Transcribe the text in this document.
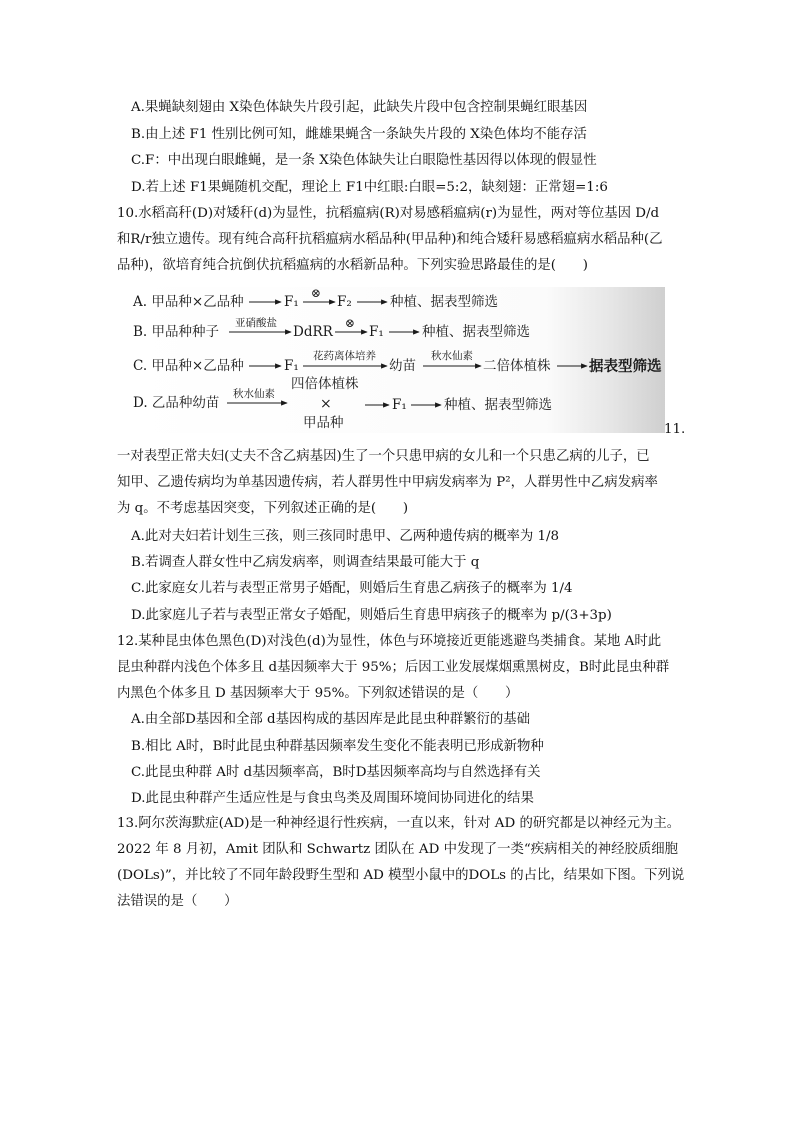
A.果蝇缺刻翅由 X染色体缺失片段引起，此缺失片段中包含控制果蝇红眼基因
B.由上述 F1 性别比例可知，雌雄果蝇含一条缺失片段的 X染色体均不能存活
C.F：中出现白眼雌蝇，是一条 X染色体缺失让白眼隐性基因得以体现的假显性
D.若上述 F1果蝇随机交配，理论上 F1中红眼:白眼=5:2，缺刻翅：正常翅=1:6
10.水稻高秆(D)对矮秆(d)为显性，抗稻瘟病(R)对易感稻瘟病(r)为显性，两对等位基因 D/d
和R/r独立遗传。现有纯合高秆抗稻瘟病水稻品种(甲品种)和纯合矮秆易感稻瘟病水稻品种(乙
品种)，欲培育纯合抗倒伏抗稻瘟病的水稻新品种。下列实验思路最佳的是(　　)
A. 甲品种×乙品种	F₁
⊗
F₂	种植、据表型筛选
B. 甲品种种子
亚硝酸盐
DdRR
⊗
F₁	种植、据表型筛选
C. 甲品种×乙品种	F₁
花药离体培养
幼苗
秋水仙素
二倍体植株	据表型筛选
D. 乙品种幼苗
秋水仙素
四倍体植株
×
甲品种
F₁	种植、据表型筛选
11.
一对表型正常夫妇(丈夫不含乙病基因)生了一个只患甲病的女儿和一个只患乙病的儿子，已
知甲、乙遗传病均为单基因遗传病，若人群男性中甲病发病率为 P²，人群男性中乙病发病率
为 q。不考虑基因突变，下列叙述正确的是(　　)
A.此对夫妇若计划生三孩，则三孩同时患甲、乙两种遗传病的概率为 1/8
B.若调查人群女性中乙病发病率，则调查结果最可能大于 q
C.此家庭女儿若与表型正常男子婚配，则婚后生育患乙病孩子的概率为 1/4
D.此家庭儿子若与表型正常女子婚配，则婚后生育患甲病孩子的概率为 p/(3+3p)
12.某种昆虫体色黑色(D)对浅色(d)为显性，体色与环境接近更能逃避鸟类捕食。某地 A时此
昆虫种群内浅色个体多且 d基因频率大于 95%；后因工业发展煤烟熏黑树皮，B时此昆虫种群
内黑色个体多且 D 基因频率大于 95%。下列叙述错误的是（　　）
A.由全部D基因和全部 d基因构成的基因库是此昆虫种群繁衍的基础
B.相比 A时，B时此昆虫种群基因频率发生变化不能表明已形成新物种
C.此昆虫种群 A时 d基因频率高，B时D基因频率高均与自然选择有关
D.此昆虫种群产生适应性是与食虫鸟类及周围环境间协同进化的结果
13.阿尔茨海默症(AD)是一种神经退行性疾病，一直以来，针对 AD 的研究都是以神经元为主。
2022 年 8 月初，Amit 团队和 Schwartz 团队在 AD 中发现了一类“疾病相关的神经胶质细胞
(DOLs)”，并比较了不同年龄段野生型和 AD 模型小鼠中的DOLs 的占比，结果如下图。下列说
法错误的是（　　）
